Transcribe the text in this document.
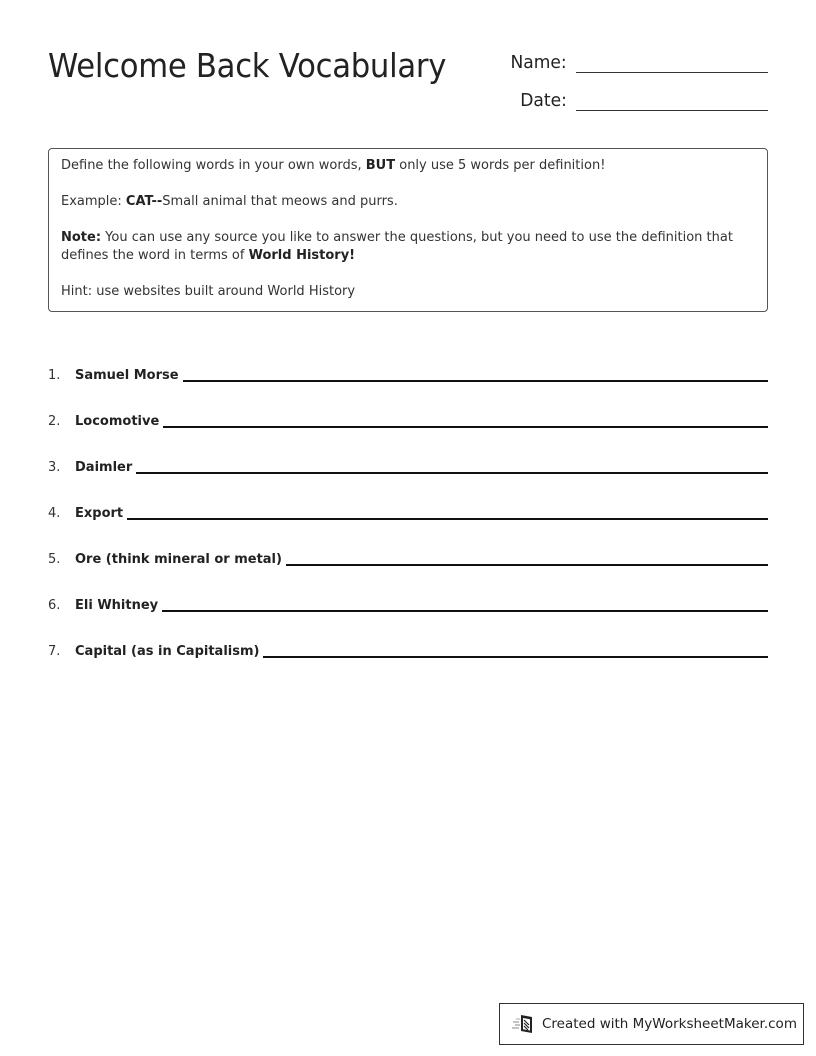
Welcome Back Vocabulary	Name:
Date:

Define the following words in your own words, BUT only use 5 words per definition!

Example: CAT--Small animal that meows and purrs.

Note: You can use any source you like to answer the questions, but you need to use the definition that defines the word in terms of World History!

Hint: use websites built around World History

1.	Samuel Morse
2.	Locomotive
3.	Daimler
4.	Export
5.	Ore (think mineral or metal)
6.	Eli Whitney
7.	Capital (as in Capitalism)
Created with MyWorksheetMaker.com
